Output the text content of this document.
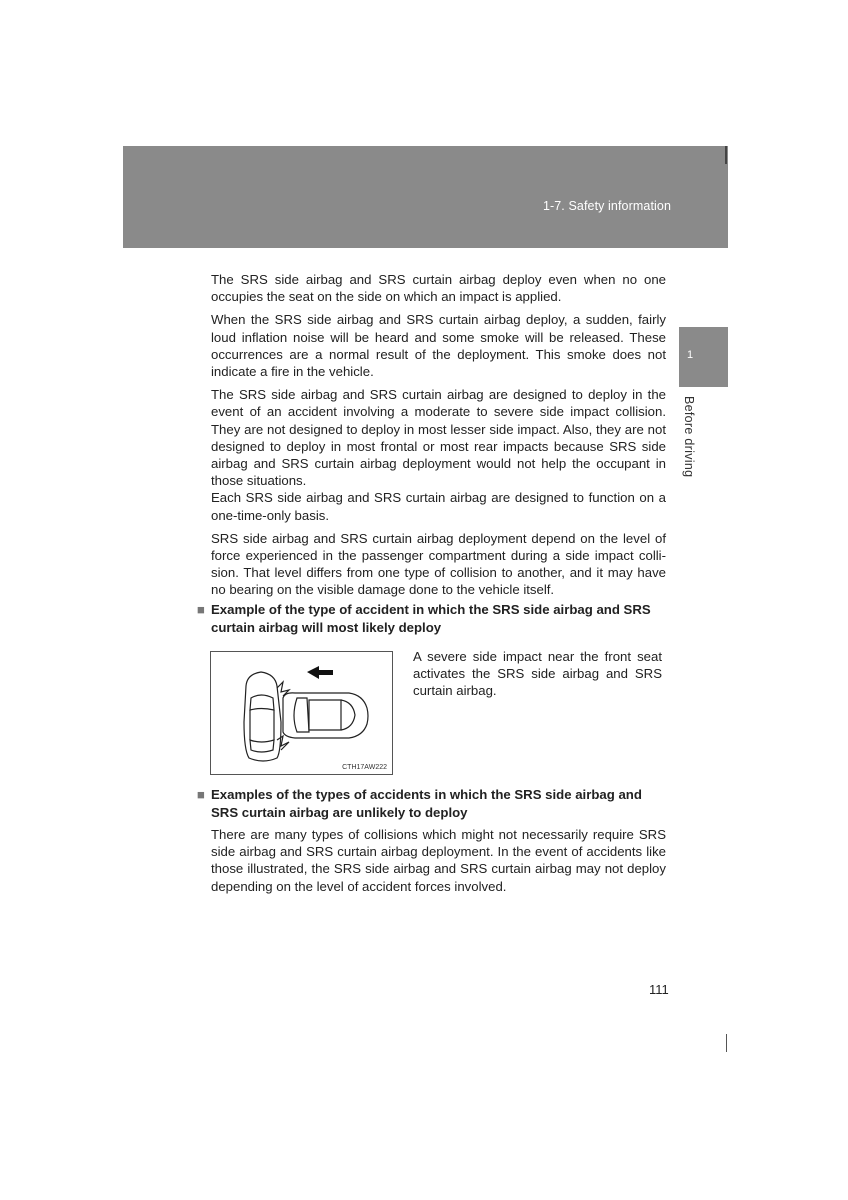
1-7. Safety information
1
Before driving

The SRS side airbag and SRS curtain airbag deploy even when no one occupies the seat on the side on which an impact is applied.

When the SRS side airbag and SRS curtain airbag deploy, a sudden, fairly loud inflation noise will be heard and some smoke will be released. These occurrences are a normal result of the deployment. This smoke does not indicate a fire in the vehicle.

The SRS side airbag and SRS curtain airbag are designed to deploy in the event of an accident involving a moderate to severe side impact collision. They are not designed to deploy in most lesser side impact. Also, they are not designed to deploy in most frontal or most rear impacts because SRS side airbag and SRS curtain airbag deployment would not help the occupant in those situations.

Each SRS side airbag and SRS curtain airbag are designed to function on a one-time-only basis.

SRS side airbag and SRS curtain airbag deployment depend on the level of force experienced in the passenger compartment during a side impact colli-sion. That level differs from one type of collision to another, and it may have no bearing on the visible damage done to the vehicle itself.

■ Example of the type of accident in which the SRS side airbag and SRS
curtain airbag will most likely deploy
CTH17AW222
A severe side impact near the front seat activates the SRS side airbag and SRS curtain airbag.
■ Examples of the types of accidents in which the SRS side airbag and
SRS curtain airbag are unlikely to deploy
There are many types of collisions which might not necessarily require SRS side airbag and SRS curtain airbag deployment. In the event of accidents like those illustrated, the SRS side airbag and SRS curtain airbag may not deploy depending on the level of accident forces involved.
111
